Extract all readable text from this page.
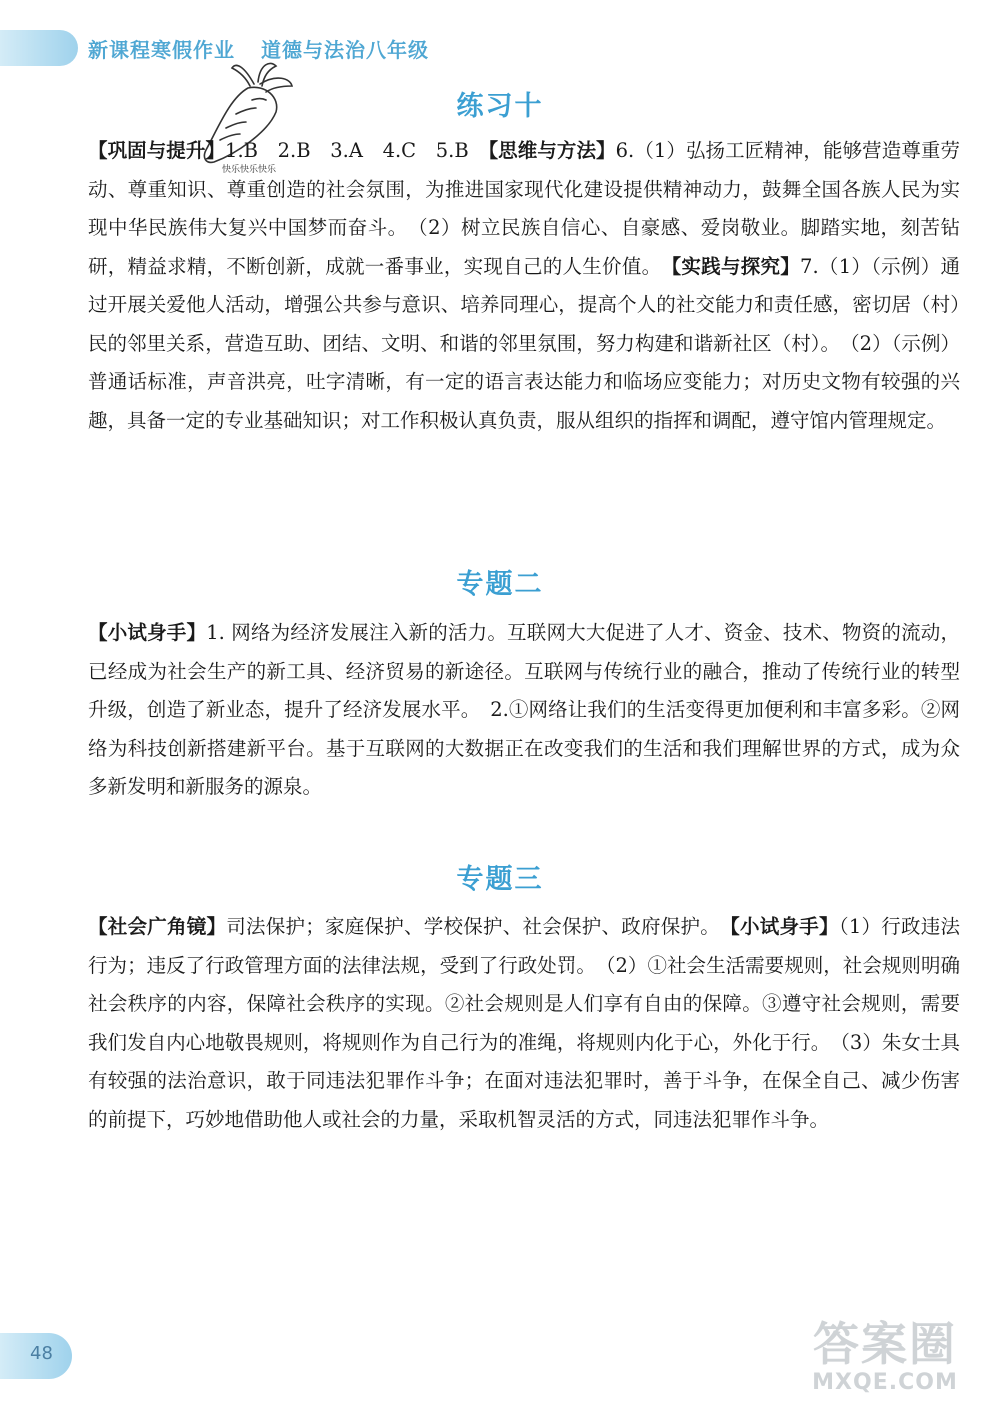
新课程寒假作业 道德与法治八年级
快乐快乐快乐
练习十

【巩固与提升】1.B　2.B　3.A　4.C　5.B　【思维与方法】6.（1）弘扬工匠精神，能够营造尊重劳动、尊重知识、尊重创造的社会氛围，为推进国家现代化建设提供精神动力，鼓舞全国各族人民为实现中华民族伟大复兴中国梦而奋斗。　（2）树立民族自信心、自豪感、爱岗敬业。脚踏实地，刻苦钻研，精益求精，不断创新，成就一番事业，实现自己的人生价值。　【实践与探究】7.（1）（示例）通过开展关爱他人活动，增强公共参与意识、培养同理心，提高个人的社交能力和责任感，密切居（村）民的邻里关系，营造互助、团结、文明、和谐的邻里氛围，努力构建和谐新社区（村）。　（2）（示例）普通话标准，声音洪亮，吐字清晰，有一定的语言表达能力和临场应变能力；对历史文物有较强的兴趣，具备一定的专业基础知识；对工作积极认真负责，服从组织的指挥和调配，遵守馆内管理规定。

专题二

【小试身手】1. 网络为经济发展注入新的活力。互联网大大促进了人才、资金、技术、物资的流动，已经成为社会生产的新工具、经济贸易的新途径。互联网与传统行业的融合，推动了传统行业的转型升级，创造了新业态，提升了经济发展水平。　2.①网络让我们的生活变得更加便利和丰富多彩。②网络为科技创新搭建新平台。基于互联网的大数据正在改变我们的生活和我们理解世界的方式，成为众多新发明和新服务的源泉。

专题三

【社会广角镜】司法保护；家庭保护、学校保护、社会保护、政府保护。　【小试身手】（1）行政违法行为；违反了行政管理方面的法律法规，受到了行政处罚。　（2）①社会生活需要规则，社会规则明确社会秩序的内容，保障社会秩序的实现。②社会规则是人们享有自由的保障。③遵守社会规则，需要我们发自内心地敬畏规则，将规则作为自己行为的准绳，将规则内化于心，外化于行。　（3）朱女士具有较强的法治意识，敢于同违法犯罪作斗争；在面对违法犯罪时，善于斗争，在保全自己、减少伤害的前提下，巧妙地借助他人或社会的力量，采取机智灵活的方式，同违法犯罪作斗争。

48	答案圈
MXQE.COM
